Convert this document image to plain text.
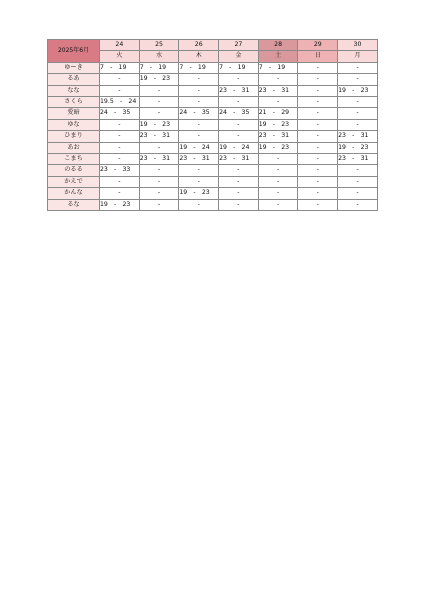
2025年6月	24	25	26	27	28	29	30
	火	水	木	金	土	日	月
ゆーき	7　-　19	7　-　19	7　-　19	7　-　19	7　-　19	-	-
るあ	-	19　-　23	-	-	-	-	-
なな	-	-	-	23　-　31	23　-　31	-	19　-　23
さくら	19.5　-　24	-	-	-	-	-	-
愛暗	24　-　35	-	24　-　35	24　-　35	21　-　29	-	-
ゆな	-	19　-　23	-	-	19　-　23	-	-
ひまり	-	23　-　31	-	-	23　-　31	-	23　-　31
あお	-	-	19　-　24	19　-　24	19　-　23	-	19　-　23
こまち	-	23　-　31	23　-　31	23　-　31	-	-	23　-　31
のるる	23　-　33	-	-	-	-	-	-
かえで	-	-	-	-	-	-	-
かんな	-	-	19　-　23	-	-	-	-
るな	19　-　23	-	-	-	-	-	-
